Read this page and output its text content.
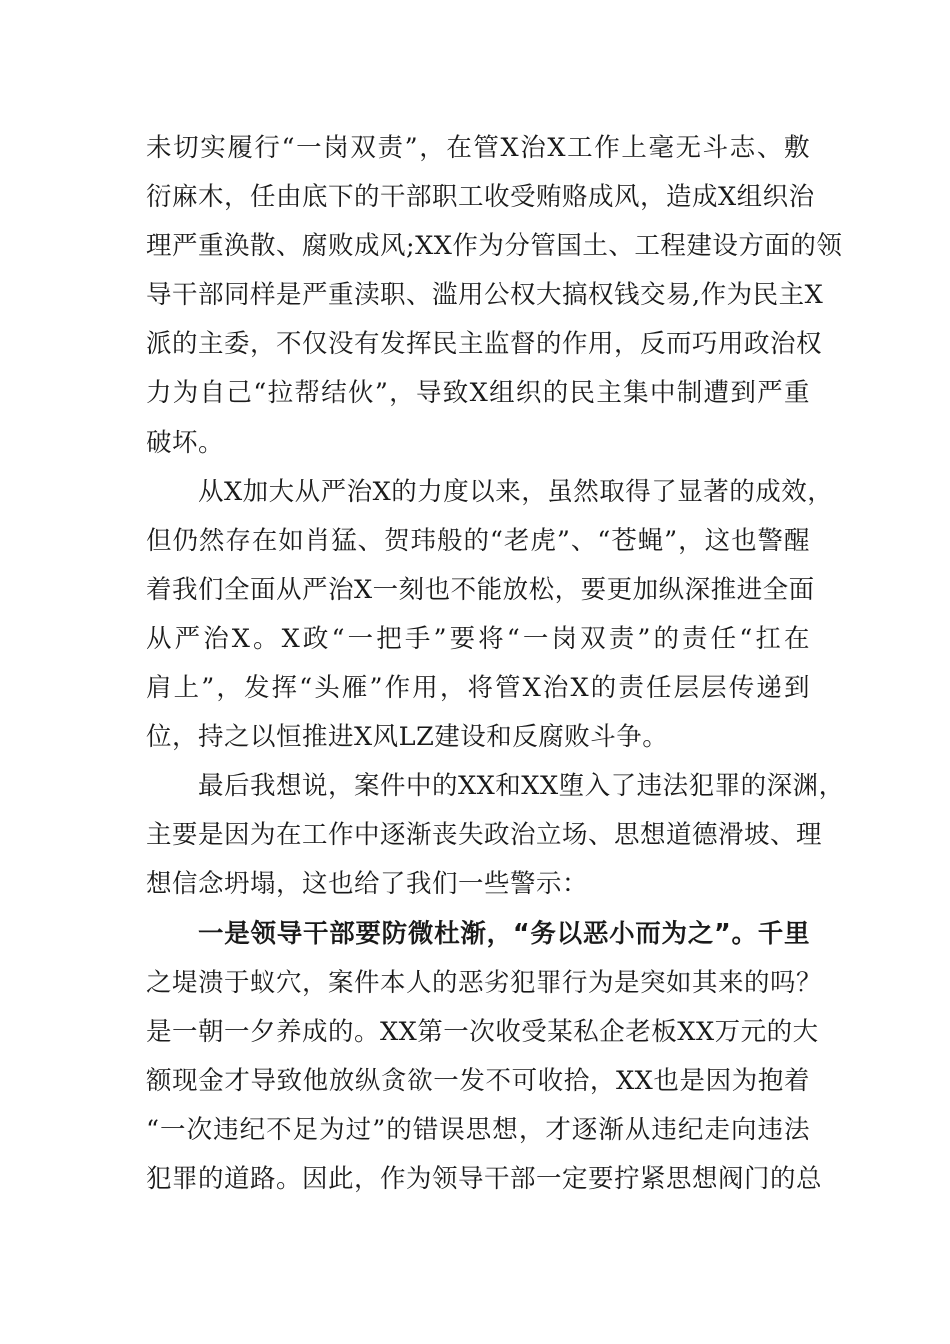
未切实履行“一岗双责”，在管X治X工作上毫无斗志、敷
衍麻木，任由底下的干部职工收受贿赂成风，造成X组织治
理严重涣散、腐败成风;XX作为分管国土、工程建设方面的领
导干部同样是严重渎职、滥用公权大搞权钱交易,作为民主X
派的主委，不仅没有发挥民主监督的作用，反而巧用政治权
力为自己“拉帮结伙”，导致X组织的民主集中制遭到严重
破坏。
从X加大从严治X的力度以来，虽然取得了显著的成效，
但仍然存在如肖猛、贺玮般的“老虎”、“苍蝇”，这也警醒
着我们全面从严治X一刻也不能放松，要更加纵深推进全面
从严治X。X政“一把手”要将“一岗双责”的责任“扛在
肩上”，发挥“头雁”作用，将管X治X的责任层层传递到
位，持之以恒推进X风LZ建设和反腐败斗争。
最后我想说，案件中的XX和XX堕入了违法犯罪的深渊，
主要是因为在工作中逐渐丧失政治立场、思想道德滑坡、理
想信念坍塌，这也给了我们一些警示：
一是领导干部要防微杜渐，“务以恶小而为之”。千里
之堤溃于蚁穴，案件本人的恶劣犯罪行为是突如其来的吗？
是一朝一夕养成的。XX第一次收受某私企老板XX万元的大
额现金才导致他放纵贪欲一发不可收拾，XX也是因为抱着
“一次违纪不足为过”的错误思想，才逐渐从违纪走向违法
犯罪的道路。因此，作为领导干部一定要拧紧思想阀门的总
